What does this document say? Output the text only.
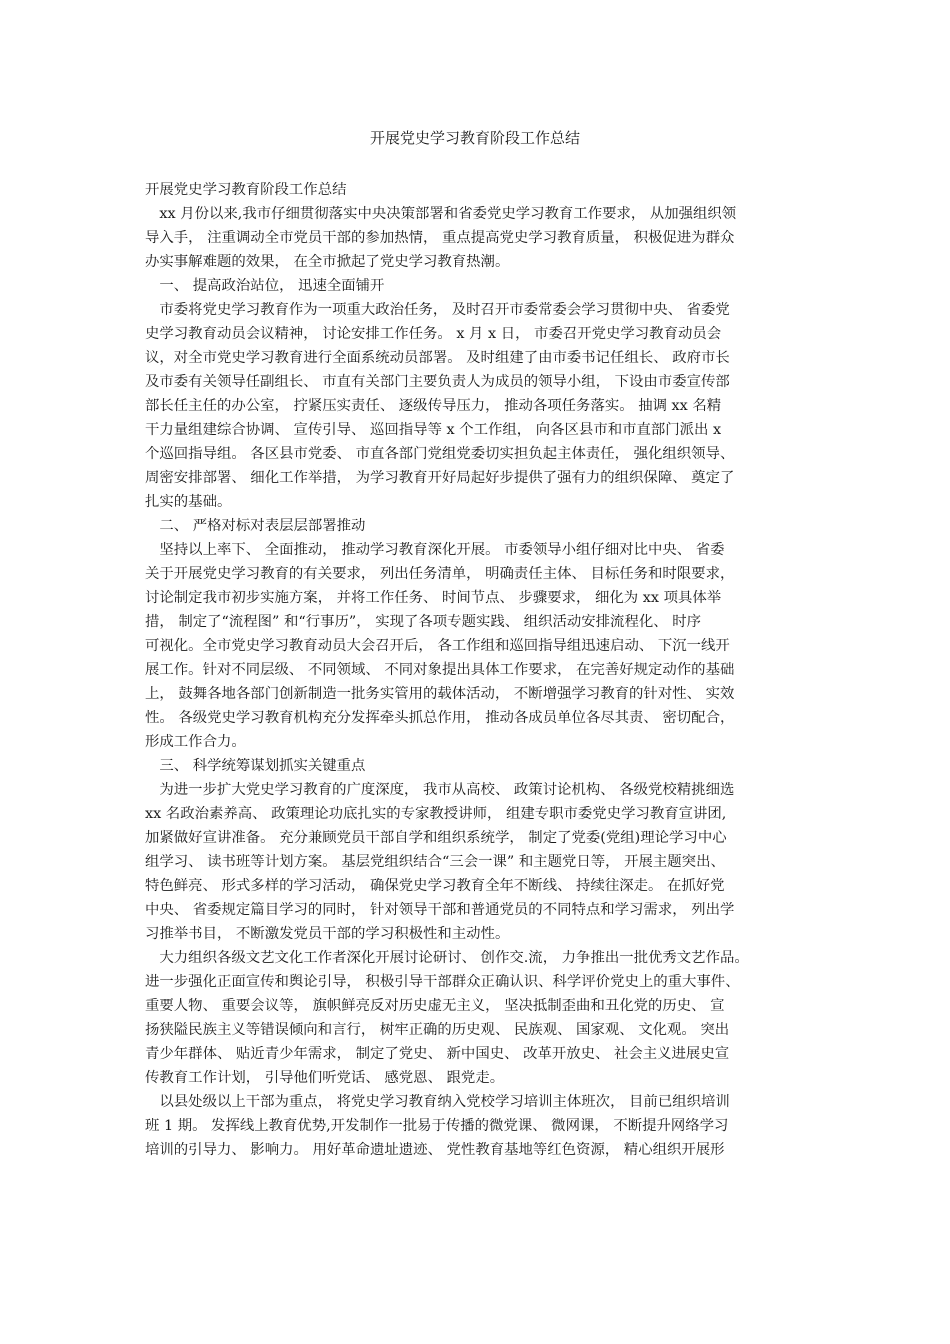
开展党史学习教育阶段工作总结

开展党史学习教育阶段工作总结

xx 月份以来,我市仔细贯彻落实中央决策部署和省委党史学习教育工作要求， 从加强组织领
导入手， 注重调动全市党员干部的参加热情， 重点提高党史学习教育质量， 积极促进为群众
办实事解难题的效果， 在全市掀起了党史学习教育热潮。

一、 提高政治站位， 迅速全面铺开

市委将党史学习教育作为一项重大政治任务， 及时召开市委常委会学习贯彻中央、 省委党
史学习教育动员会议精神， 讨论安排工作任务。 x 月 x 日， 市委召开党史学习教育动员会
议，对全市党史学习教育进行全面系统动员部署。 及时组建了由市委书记任组长、 政府市长
及市委有关领导任副组长、 市直有关部门主要负责人为成员的领导小组， 下设由市委宣传部
部长任主任的办公室， 拧紧压实责任、 逐级传导压力， 推动各项任务落实。 抽调 xx 名精
干力量组建综合协调、 宣传引导、 巡回指导等 x 个工作组， 向各区县市和市直部门派出 x
个巡回指导组。 各区县市党委、 市直各部门党组党委切实担负起主体责任， 强化组织领导、
周密安排部署、 细化工作举措， 为学习教育开好局起好步提供了强有力的组织保障、 奠定了
扎实的基础。

二、 严格对标对表层层部署推动

坚持以上率下、 全面推动， 推动学习教育深化开展。 市委领导小组仔细对比中央、 省委
关于开展党史学习教育的有关要求， 列出任务清单， 明确责任主体、 目标任务和时限要求，
讨论制定我市初步实施方案， 并将工作任务、 时间节点、 步骤要求， 细化为 xx 项具体举
措， 制定了“流程图” 和“行事历”， 实现了各项专题实践、 组织活动安排流程化、 时序
可视化。全市党史学习教育动员大会召开后， 各工作组和巡回指导组迅速启动、 下沉一线开
展工作。针对不同层级、 不同领域、 不同对象提出具体工作要求， 在完善好规定动作的基础
上， 鼓舞各地各部门创新制造一批务实管用的载体活动， 不断增强学习教育的针对性、 实效
性。 各级党史学习教育机构充分发挥牵头抓总作用， 推动各成员单位各尽其责、 密切配合，
形成工作合力。

三、 科学统筹谋划抓实关键重点

为进一步扩大党史学习教育的广度深度， 我市从高校、 政策讨论机构、 各级党校精挑细选
xx 名政治素养高、 政策理论功底扎实的专家教授讲师， 组建专职市委党史学习教育宣讲团,
加紧做好宣讲准备。 充分兼顾党员干部自学和组织系统学， 制定了党委(党组)理论学习中心
组学习、 读书班等计划方案。 基层党组织结合“三会一课” 和主题党日等， 开展主题突出、
特色鲜亮、 形式多样的学习活动， 确保党史学习教育全年不断线、 持续往深走。 在抓好党
中央、 省委规定篇目学习的同时， 针对领导干部和普通党员的不同特点和学习需求， 列出学
习推举书目， 不断激发党员干部的学习积极性和主动性。

大力组织各级文艺文化工作者深化开展讨论研讨、 创作交.流， 力争推出一批优秀文艺作品。
进一步强化正面宣传和舆论引导， 积极引导干部群众正确认识、科学评价党史上的重大事件、
重要人物、 重要会议等， 旗帜鲜亮反对历史虚无主义， 坚决抵制歪曲和丑化党的历史、 宣
扬狭隘民族主义等错误倾向和言行， 树牢正确的历史观、 民族观、 国家观、 文化观。 突出
青少年群体、 贴近青少年需求， 制定了党史、 新中国史、 改革开放史、 社会主义进展史宣
传教育工作计划， 引导他们听党话、 感党恩、 跟党走。

以县处级以上干部为重点， 将党史学习教育纳入党校学习培训主体班次， 目前已组织培训
班 1 期。 发挥线上教育优势,开发制作一批易于传播的微党课、 微网课， 不断提升网络学习
培训的引导力、 影响力。 用好革命遗址遗迹、 党性教育基地等红色资源， 精心组织开展形
